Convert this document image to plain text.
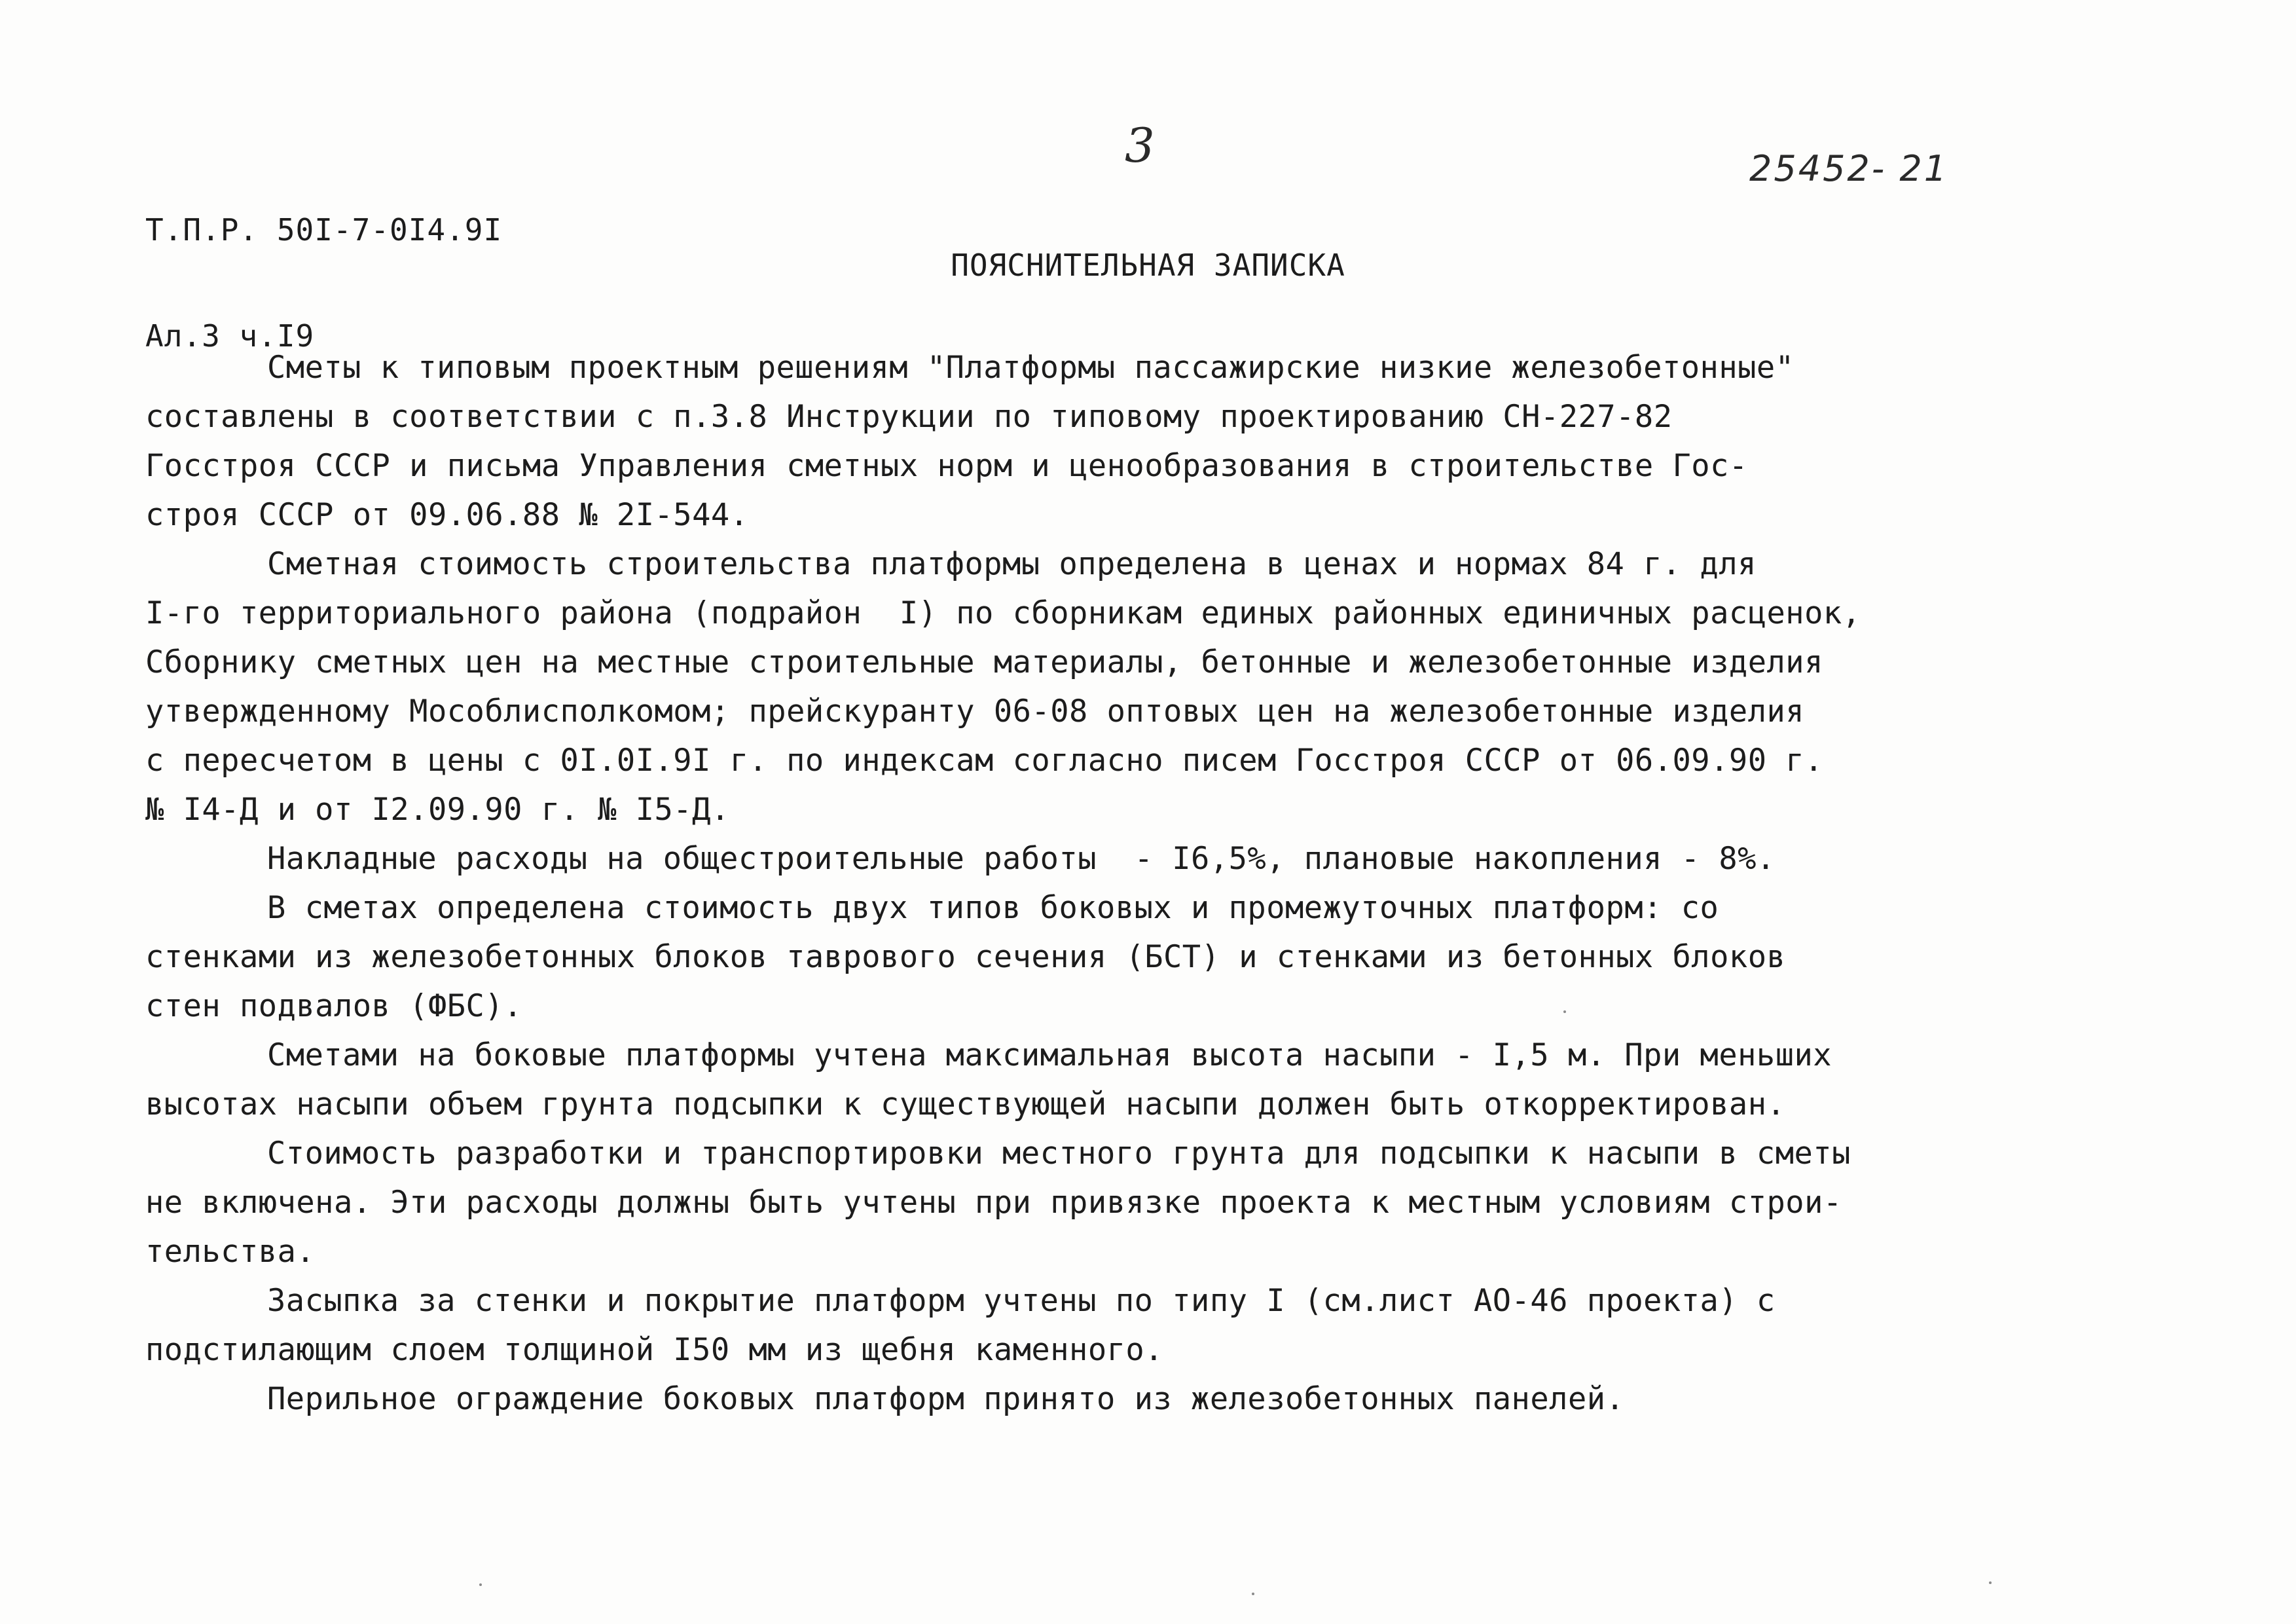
Т.П.Р. 50I-7-0I4.9I

Ал.3 ч.I9

3	25452- 21
ПОЯСНИТЕЛЬНАЯ ЗАПИСКА
Сметы к типовым проектным решениям "Платформы пассажирские низкие железобетонные"
составлены в соответствии с п.3.8 Инструкции по типовому проектированию СН-227-82
Госстроя СССР и письма Управления сметных норм и ценообразования в строительстве Гос-
строя СССР от 09.06.88 № 2I-544.
Сметная стоимость строительства платформы определена в ценах и нормах 84 г. для
I-го территориального района (подрайон  I) по сборникам единых районных единичных расценок,
Сборнику сметных цен на местные строительные материалы, бетонные и железобетонные изделия
утвержденному Мособлисполкомом; прейскуранту 06-08 оптовых цен на железобетонные изделия
с пересчетом в цены с 0I.0I.9I г. по индексам согласно писем Госстроя СССР от 06.09.90 г.
№ I4-Д и от I2.09.90 г. № I5-Д.
Накладные расходы на общестроительные работы  - I6,5%, плановые накопления - 8%.
В сметах определена стоимость двух типов боковых и промежуточных платформ: со
стенками из железобетонных блоков таврового сечения (БСТ) и стенками из бетонных блоков
стен подвалов (ФБС).
Сметами на боковые платформы учтена максимальная высота насыпи - I,5 м. При меньших
высотах насыпи объем грунта подсыпки к существующей насыпи должен быть откорректирован.
Стоимость разработки и транспортировки местного грунта для подсыпки к насыпи в сметы
не включена. Эти расходы должны быть учтены при привязке проекта к местным условиям строи-
тельства.
Засыпка за стенки и покрытие платформ учтены по типу I (см.лист АО-46 проекта) с
подстилающим слоем толщиной I50 мм из щебня каменного.
Перильное ограждение боковых платформ принято из железобетонных панелей.
